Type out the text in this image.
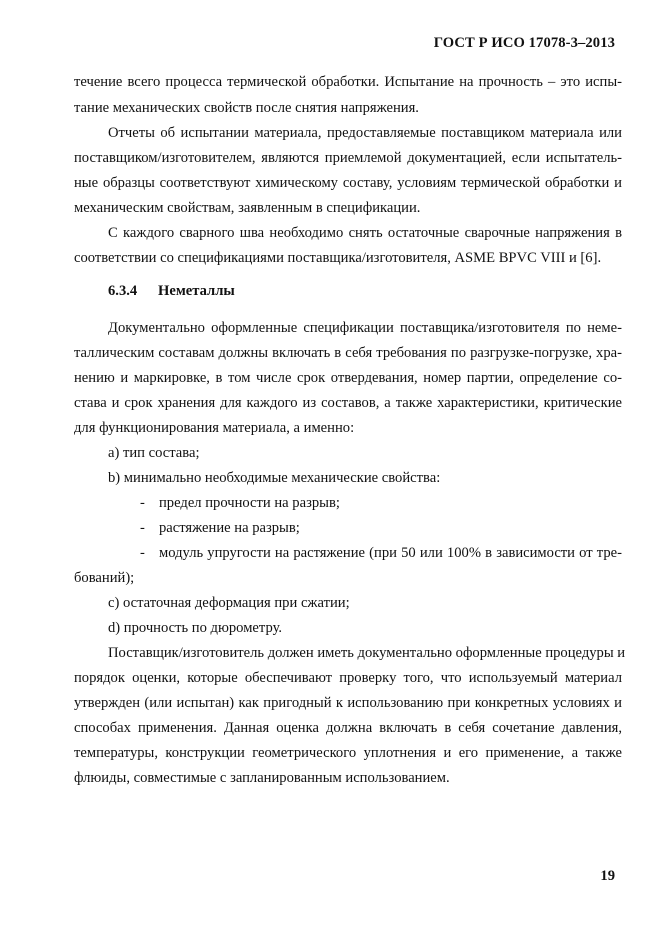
ГОСТ Р ИСО 17078-3–2013

течение всего процесса термической обработки. Испытание на прочность – это испы-

тание механических свойств после снятия напряжения.

Отчеты об испытании материала, предоставляемые поставщиком материала или

поставщиком/изготовителем, являются приемлемой документацией, если испытатель-

ные образцы соответствуют химическому составу, условиям термической обработки и

механическим свойствам, заявленным в спецификации.

С каждого сварного шва необходимо снять остаточные сварочные напряжения в

соответствии со спецификациями поставщика/изготовителя, ASME BPVC VIII и [6].

6.3.4 Неметаллы

Документально оформленные спецификации поставщика/изготовителя по неме-

таллическим составам должны включать в себя требования по разгрузке-погрузке, хра-

нению и маркировке, в том числе срок отвердевания, номер партии, определение со-

става и срок хранения для каждого из составов, а также характеристики, критические

для функционирования материала, а именно:

a) тип состава;

b) минимально необходимые механические свойства:

- предел прочности на разрыв;

- растяжение на разрыв;

- модуль упругости на растяжение (при 50 или 100% в зависимости от тре-

бований);

c) остаточная деформация при сжатии;

d) прочность по дюрометру.

Поставщик/изготовитель должен иметь документально оформленные процедуры и

порядок оценки, которые обеспечивают проверку того, что используемый материал

утвержден (или испытан) как пригодный к использованию при конкретных условиях и

способах применения. Данная оценка должна включать в себя сочетание давления,

температуры, конструкции геометрического уплотнения и его применение, а также

флюиды, совместимые с запланированным использованием.

19
